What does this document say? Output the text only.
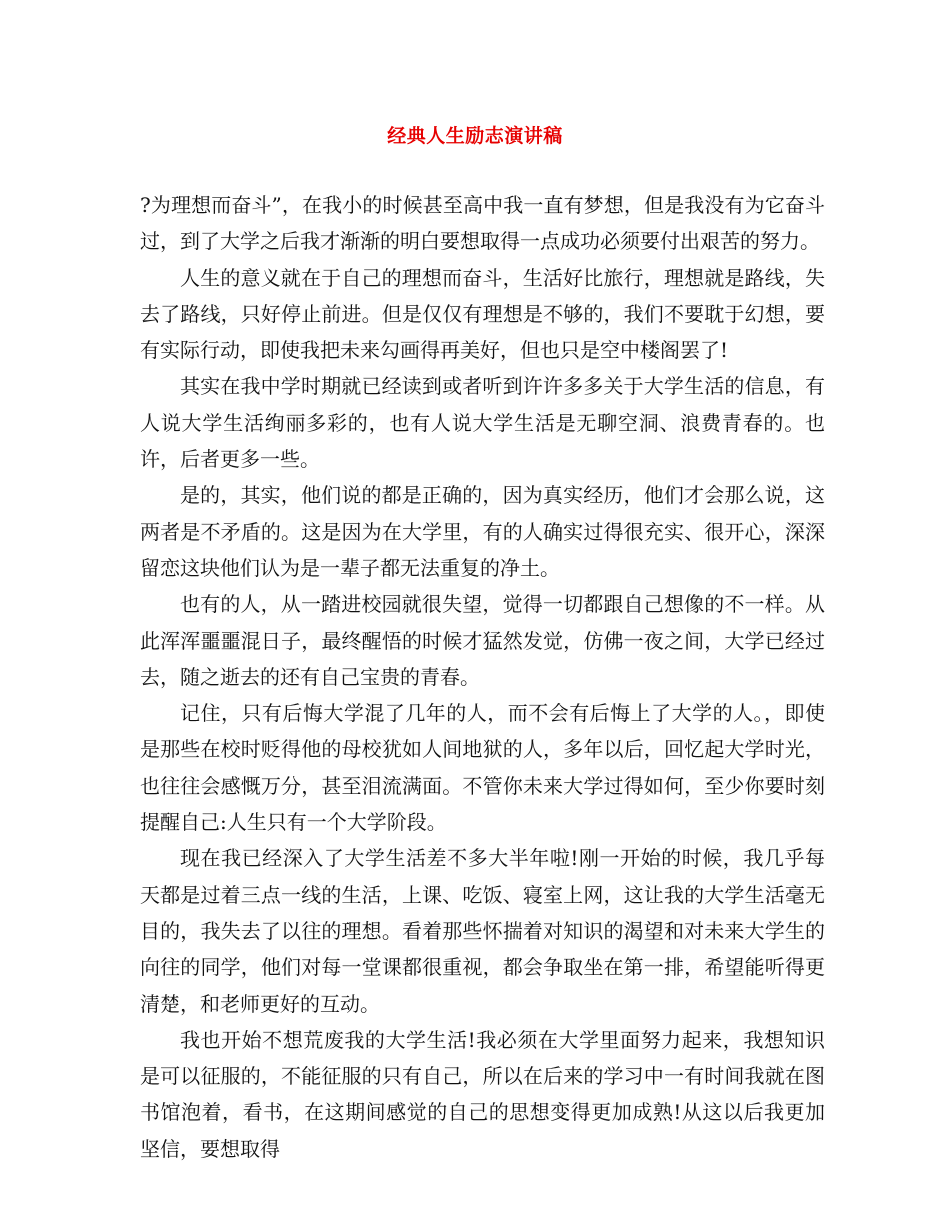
经典人生励志演讲稿

?为理想而奋斗”，在我小的时候甚至高中我一直有梦想，但是我没有为它奋斗过，到了大学之后我才渐渐的明白要想取得一点成功必须要付出艰苦的努力。

人生的意义就在于自己的理想而奋斗，生活好比旅行，理想就是路线，失去了路线，只好停止前进。但是仅仅有理想是不够的，我们不要耽于幻想，要有实际行动，即使我把未来勾画得再美好，但也只是空中楼阁罢了!

其实在我中学时期就已经读到或者听到许许多多关于大学生活的信息，有人说大学生活绚丽多彩的，也有人说大学生活是无聊空洞、浪费青春的。也许，后者更多一些。

是的，其实，他们说的都是正确的，因为真实经历，他们才会那么说，这两者是不矛盾的。这是因为在大学里，有的人确实过得很充实、很开心，深深留恋这块他们认为是一辈子都无法重复的净土。

也有的人，从一踏进校园就很失望，觉得一切都跟自己想像的不一样。从此浑浑噩噩混日子，最终醒悟的时候才猛然发觉，仿佛一夜之间，大学已经过去，随之逝去的还有自己宝贵的青春。

记住，只有后悔大学混了几年的人，而不会有后悔上了大学的人。，即使是那些在校时贬得他的母校犹如人间地狱的人，多年以后，回忆起大学时光，也往往会感慨万分，甚至泪流满面。不管你未来大学过得如何，至少你要时刻提醒自己:人生只有一个大学阶段。

现在我已经深入了大学生活差不多大半年啦!刚一开始的时候，我几乎每天都是过着三点一线的生活，上课、吃饭、寝室上网，这让我的大学生活毫无目的，我失去了以往的理想。看着那些怀揣着对知识的渴望和对未来大学生的向往的同学，他们对每一堂课都很重视，都会争取坐在第一排，希望能听得更清楚，和老师更好的互动。

我也开始不想荒废我的大学生活!我必须在大学里面努力起来，我想知识是可以征服的，不能征服的只有自己，所以在后来的学习中一有时间我就在图书馆泡着，看书，在这期间感觉的自己的思想变得更加成熟!从这以后我更加坚信，要想取得
